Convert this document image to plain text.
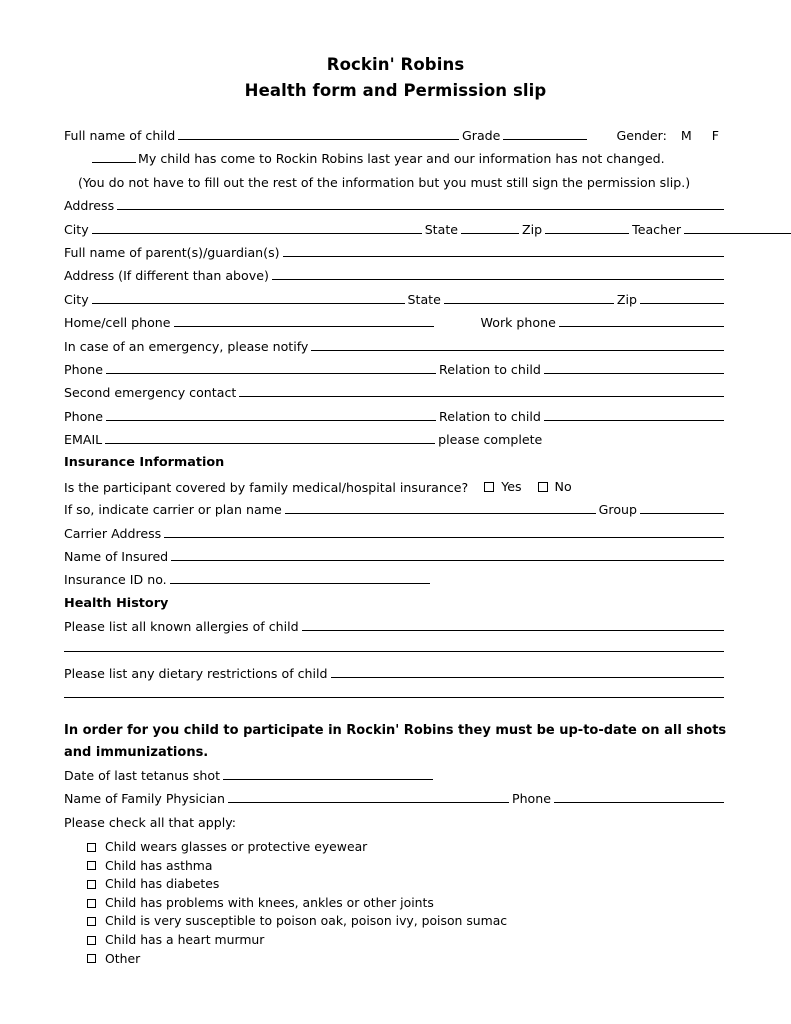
Rockin' Robins
Health form and Permission slip
Full name of child	Grade	Gender: M F
My child has come to Rockin Robins last year and our information has not changed.
(You do not have to fill out the rest of the information but you must still sign the permission slip.)
Address
City	State	Zip	Teacher
Full name of parent(s)/guardian(s)
Address (If different than above)
City	State	Zip
Home/cell phone	Work phone
In case of an emergency, please notify
Phone	Relation to child
Second emergency contact
Phone	Relation to child
EMAIL	please complete
Insurance Information
Is the participant covered by family medical/hospital insurance?	Yes	No
If so, indicate carrier or plan name	Group
Carrier Address
Name of Insured
Insurance ID no.
Health History
Please list all known allergies of child
Please list any dietary restrictions of child
In order for you child to participate in Rockin' Robins they must be up-to-date on all shots and immunizations.
Date of last tetanus shot
Name of Family Physician	Phone
Please check all that apply:
Child wears glasses or protective eyewear
Child has asthma
Child has diabetes
Child has problems with knees, ankles or other joints
Child is very susceptible to poison oak, poison ivy, poison sumac
Child has a heart murmur
Other
